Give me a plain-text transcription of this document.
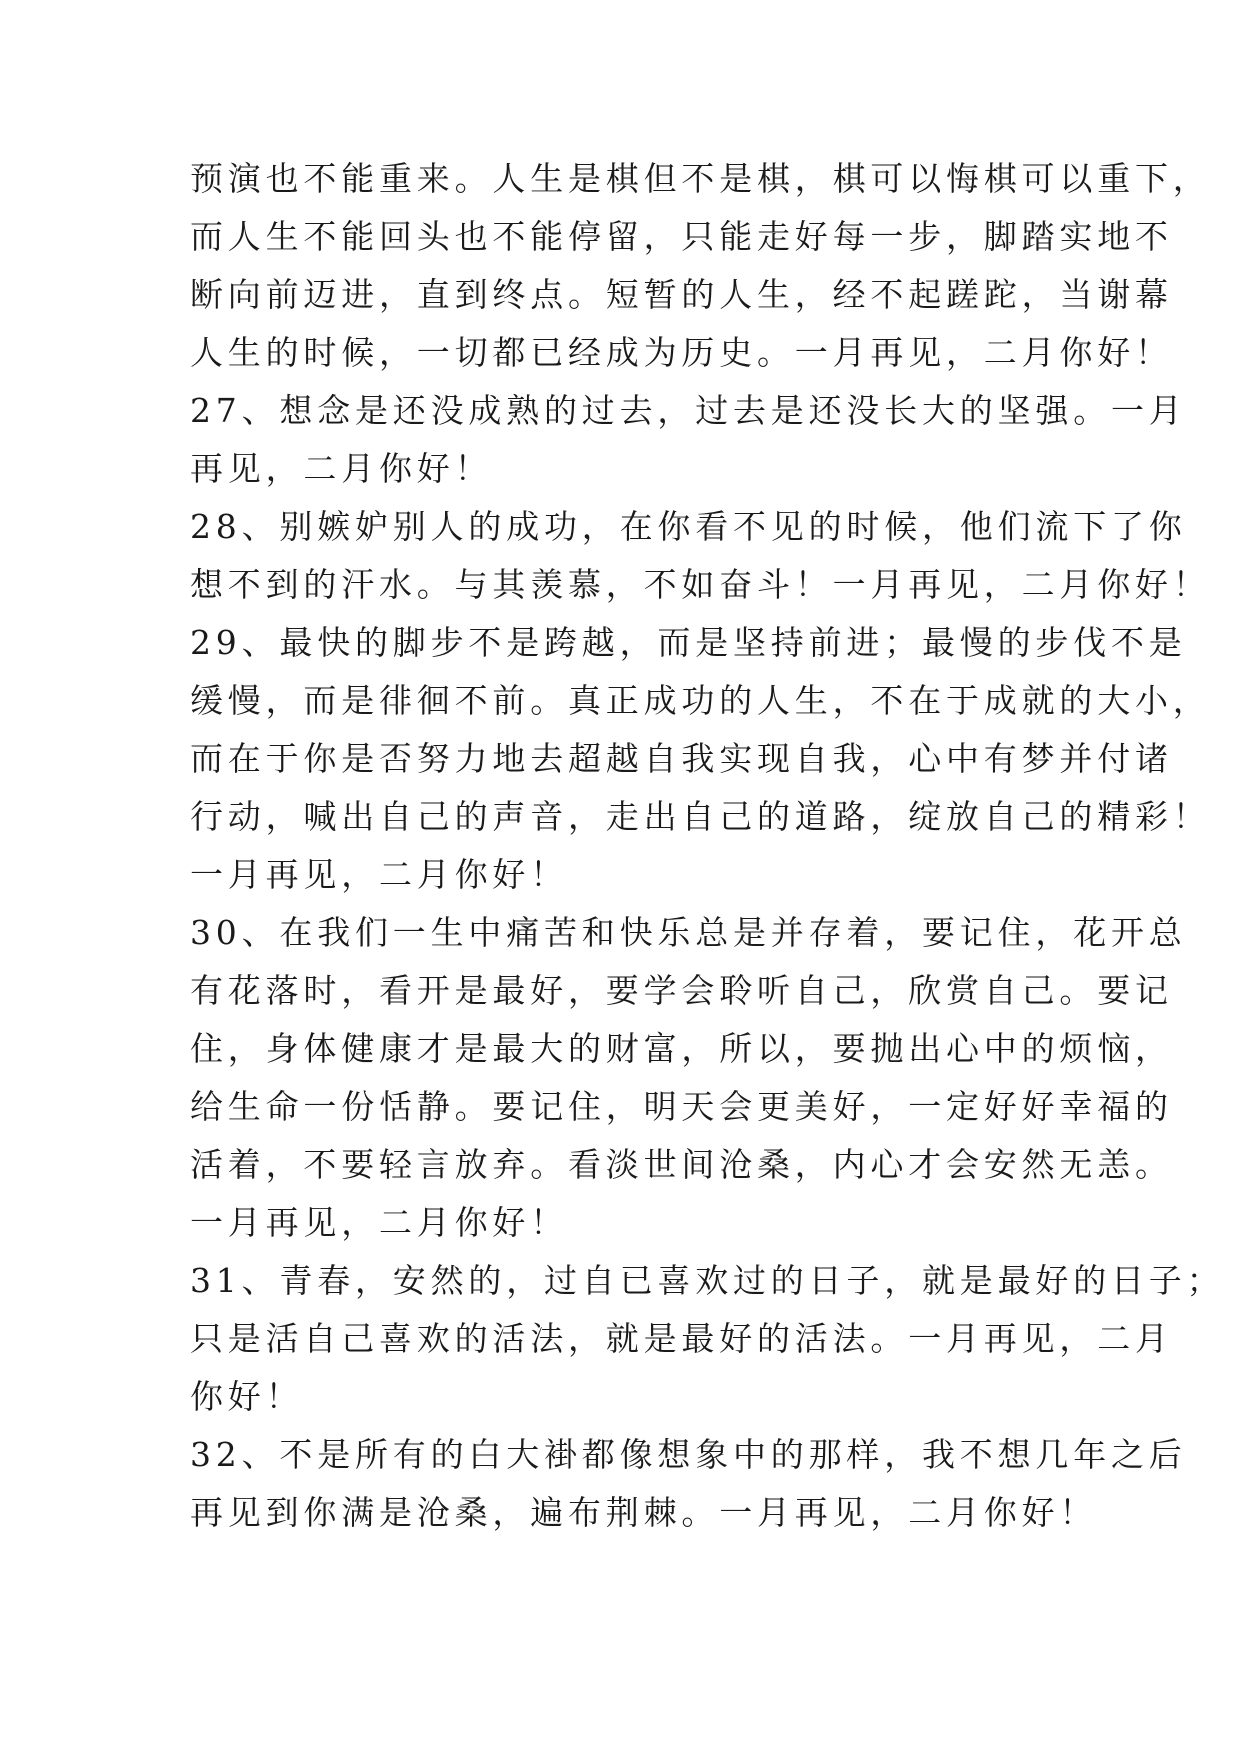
预演也不能重来。人生是棋但不是棋，棋可以悔棋可以重下，
而人生不能回头也不能停留，只能走好每一步，脚踏实地不
断向前迈进，直到终点。短暂的人生，经不起蹉跎，当谢幕
人生的时候，一切都已经成为历史。一月再见，二月你好！
27、想念是还没成熟的过去，过去是还没长大的坚强。一月
再见，二月你好！
28、别嫉妒别人的成功，在你看不见的时候，他们流下了你
想不到的汗水。与其羡慕，不如奋斗！一月再见，二月你好！
29、最快的脚步不是跨越，而是坚持前进；最慢的步伐不是
缓慢，而是徘徊不前。真正成功的人生，不在于成就的大小，
而在于你是否努力地去超越自我实现自我，心中有梦并付诸
行动，喊出自己的声音，走出自己的道路，绽放自己的精彩！
一月再见，二月你好！
30、在我们一生中痛苦和快乐总是并存着，要记住，花开总
有花落时，看开是最好，要学会聆听自己，欣赏自己。要记
住，身体健康才是最大的财富，所以，要抛出心中的烦恼，
给生命一份恬静。要记住，明天会更美好，一定好好幸福的
活着，不要轻言放弃。看淡世间沧桑，内心才会安然无恙。
一月再见，二月你好！
31、青春，安然的，过自已喜欢过的日子，就是最好的日子；
只是活自己喜欢的活法，就是最好的活法。一月再见，二月
你好！
32、不是所有的白大褂都像想象中的那样，我不想几年之后
再见到你满是沧桑，遍布荆棘。一月再见，二月你好！
